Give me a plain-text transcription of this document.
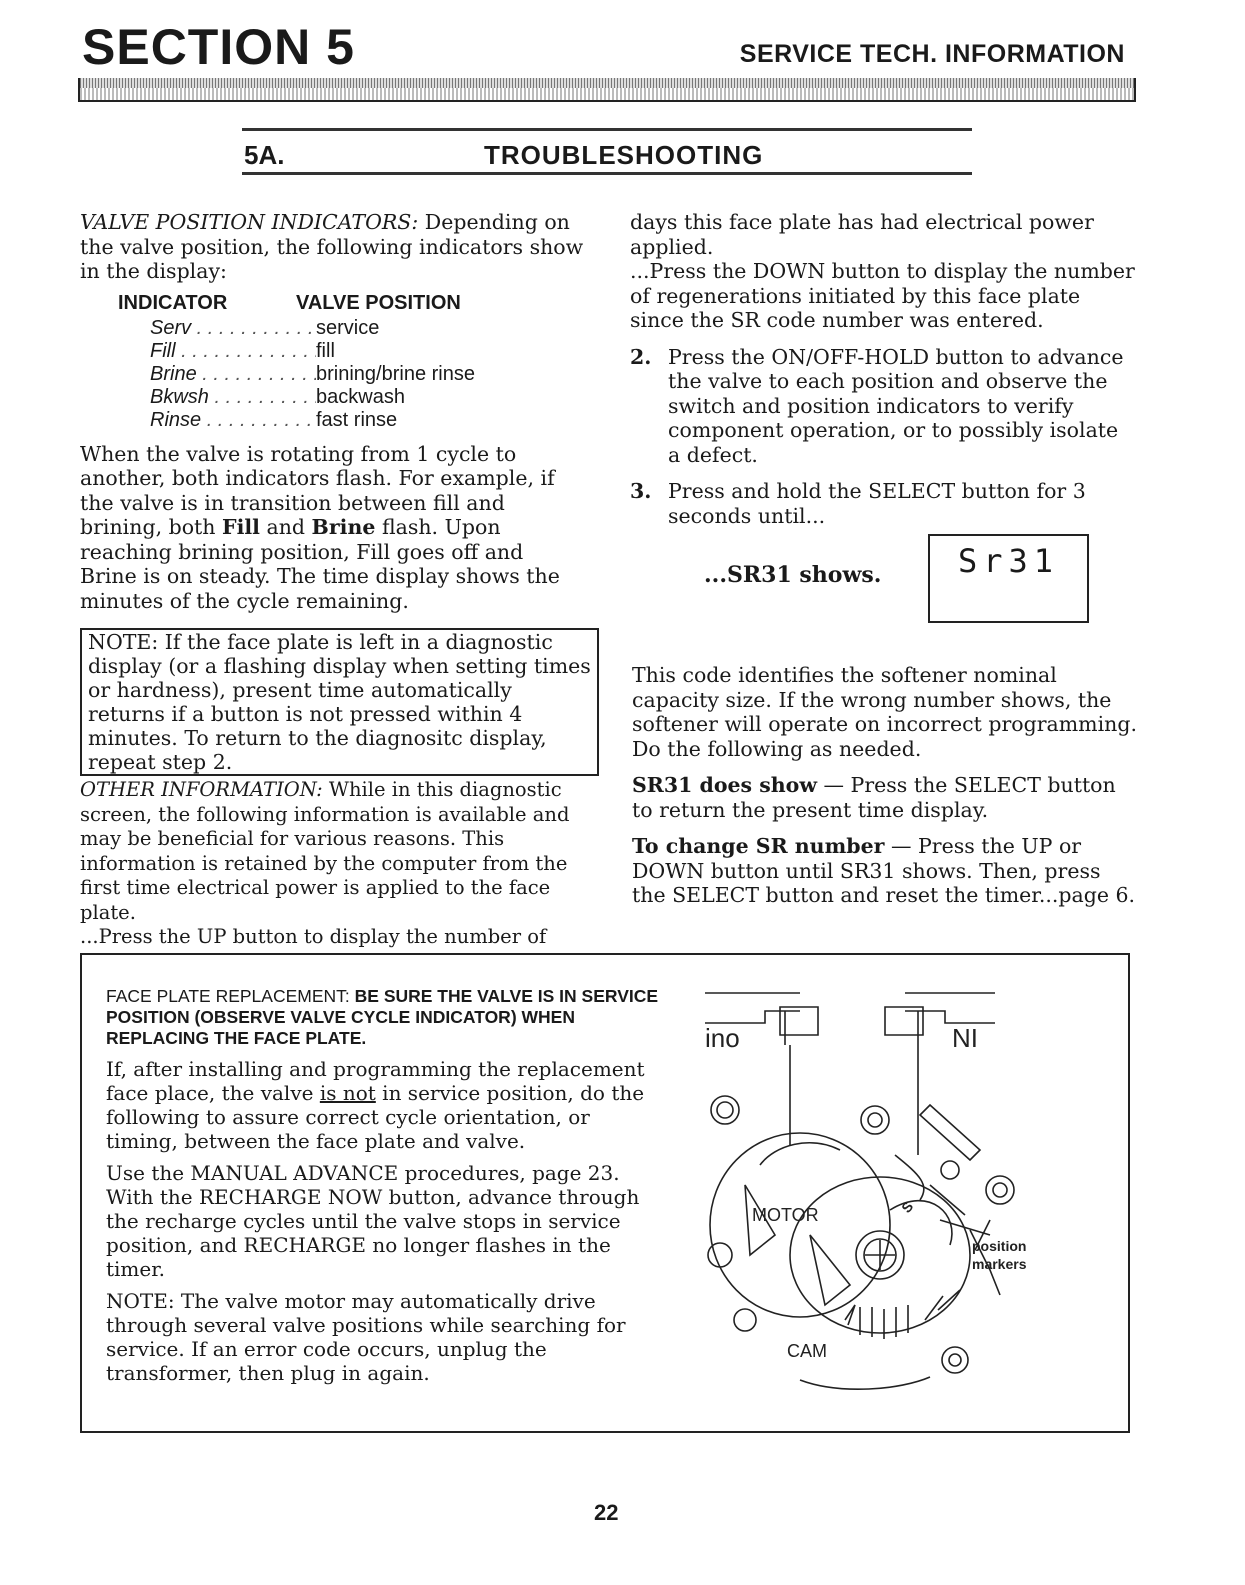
SECTION 5	SERVICE TECH. INFORMATION
5A.	TROUBLESHOOTING

VALVE POSITION INDICATORS: Depending on the valve position, the following indicators show in the display:

INDICATOR	VALVE POSITION
Serv . . .	service
Fill . . .	fill
Brine . . .	brining/brine rinse
Bkwsh . . .	backwash
Rinse . . .	fast rinse

When the valve is rotating from 1 cycle to another, both indicators flash. For example, if the valve is in transition between fill and brining, both Fill and Brine flash. Upon reaching brining position, Fill goes off and Brine is on steady. The time display shows the minutes of the cycle remaining.

NOTE: If the face plate is left in a diagnostic display (or a flashing display when setting times or hardness), present time automatically returns if a button is not pressed within 4 minutes. To return to the diagnositc display, repeat step 2.

OTHER INFORMATION: While in this diagnostic screen, the following information is available and may be beneficial for various reasons. This information is retained by the computer from the first time electrical power is applied to the face plate.

...Press the UP button to display the number of

days this face plate has had electrical power applied.

...Press the DOWN button to display the number of regenerations initiated by this face plate since the SR code number was entered.

2. Press the ON/OFF-HOLD button to advance the valve to each position and observe the switch and position indicators to verify component operation, or to possibly isolate a defect.
3. Press and hold the SELECT button for 3 seconds until...
...SR31 shows.	Sr31

This code identifies the softener nominal capacity size. If the wrong number shows, the softener will operate on incorrect programming. Do the following as needed.

SR31 does show — Press the SELECT button to return the present time display.

To change SR number — Press the UP or DOWN button until SR31 shows. Then, press the SELECT button and reset the timer...page 6.

FACE PLATE REPLACEMENT: BE SURE THE VALVE IS IN SERVICE POSITION (OBSERVE VALVE CYCLE INDICATOR) WHEN REPLACING THE FACE PLATE.

If, after installing and programming the replacement face place, the valve is not in service position, do the following to assure correct cycle orientation, or timing, between the face plate and valve.

Use the MANUAL ADVANCE procedures, page 23. With the RECHARGE NOW button, advance through the recharge cycles until the valve stops in service position, and RECHARGE no longer flashes in the timer.

NOTE: The valve motor may automatically drive through several valve positions while searching for service. If an error code occurs, unplug the transformer, then plug in again.

ino	NI
MOTOR
CAM
position
markers
S
22
